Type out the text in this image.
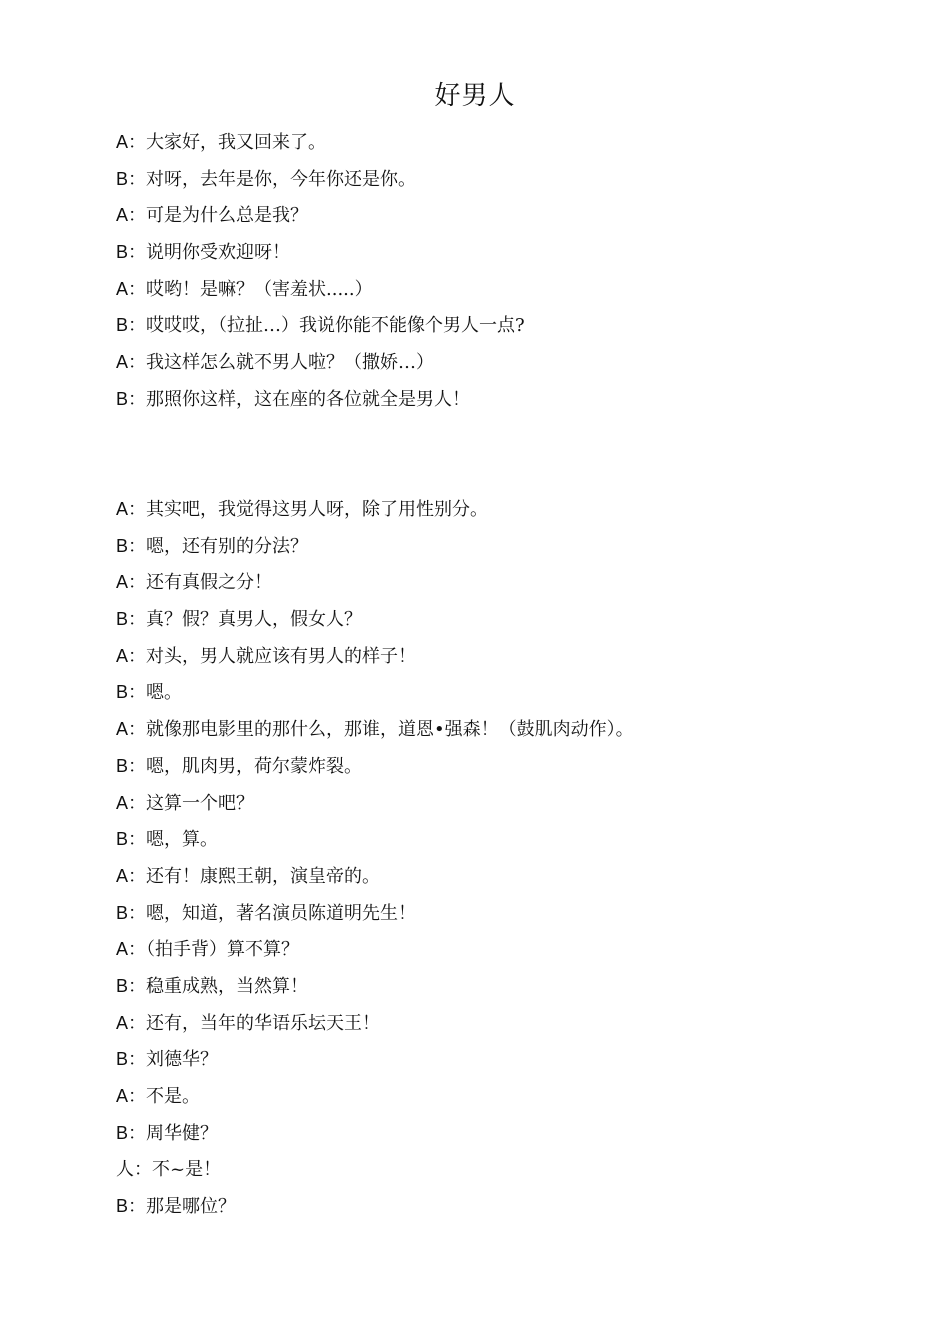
好男人
A：大家好，我又回来了。
B：对呀，去年是你，今年你还是你。
A：可是为什么总是我？
B：说明你受欢迎呀！
A：哎哟！是嘛？（害羞状.....）
B：哎哎哎，（拉扯…）我说你能不能像个男人一点?
A：我这样怎么就不男人啦？（撒娇…）
B：那照你这样，这在座的各位就全是男人！
A：其实吧，我觉得这男人呀，除了用性别分。
B：嗯，还有别的分法？
A：还有真假之分！
B：真？假？真男人，假女人？
A：对头，男人就应该有男人的样子！
B：嗯。
A：就像那电影里的那什么，那谁，道恩•强森！（鼓肌肉动作）。
B：嗯，肌肉男，荷尔蒙炸裂。
A：这算一个吧？
B：嗯，算。
A：还有！康熙王朝，演皇帝的。
B：嗯，知道，著名演员陈道明先生！
A：（拍手背）算不算？
B：稳重成熟，当然算！
A：还有，当年的华语乐坛天王！
B：刘德华？
A：不是。
B：周华健？
人：不~是！
B：那是哪位？
